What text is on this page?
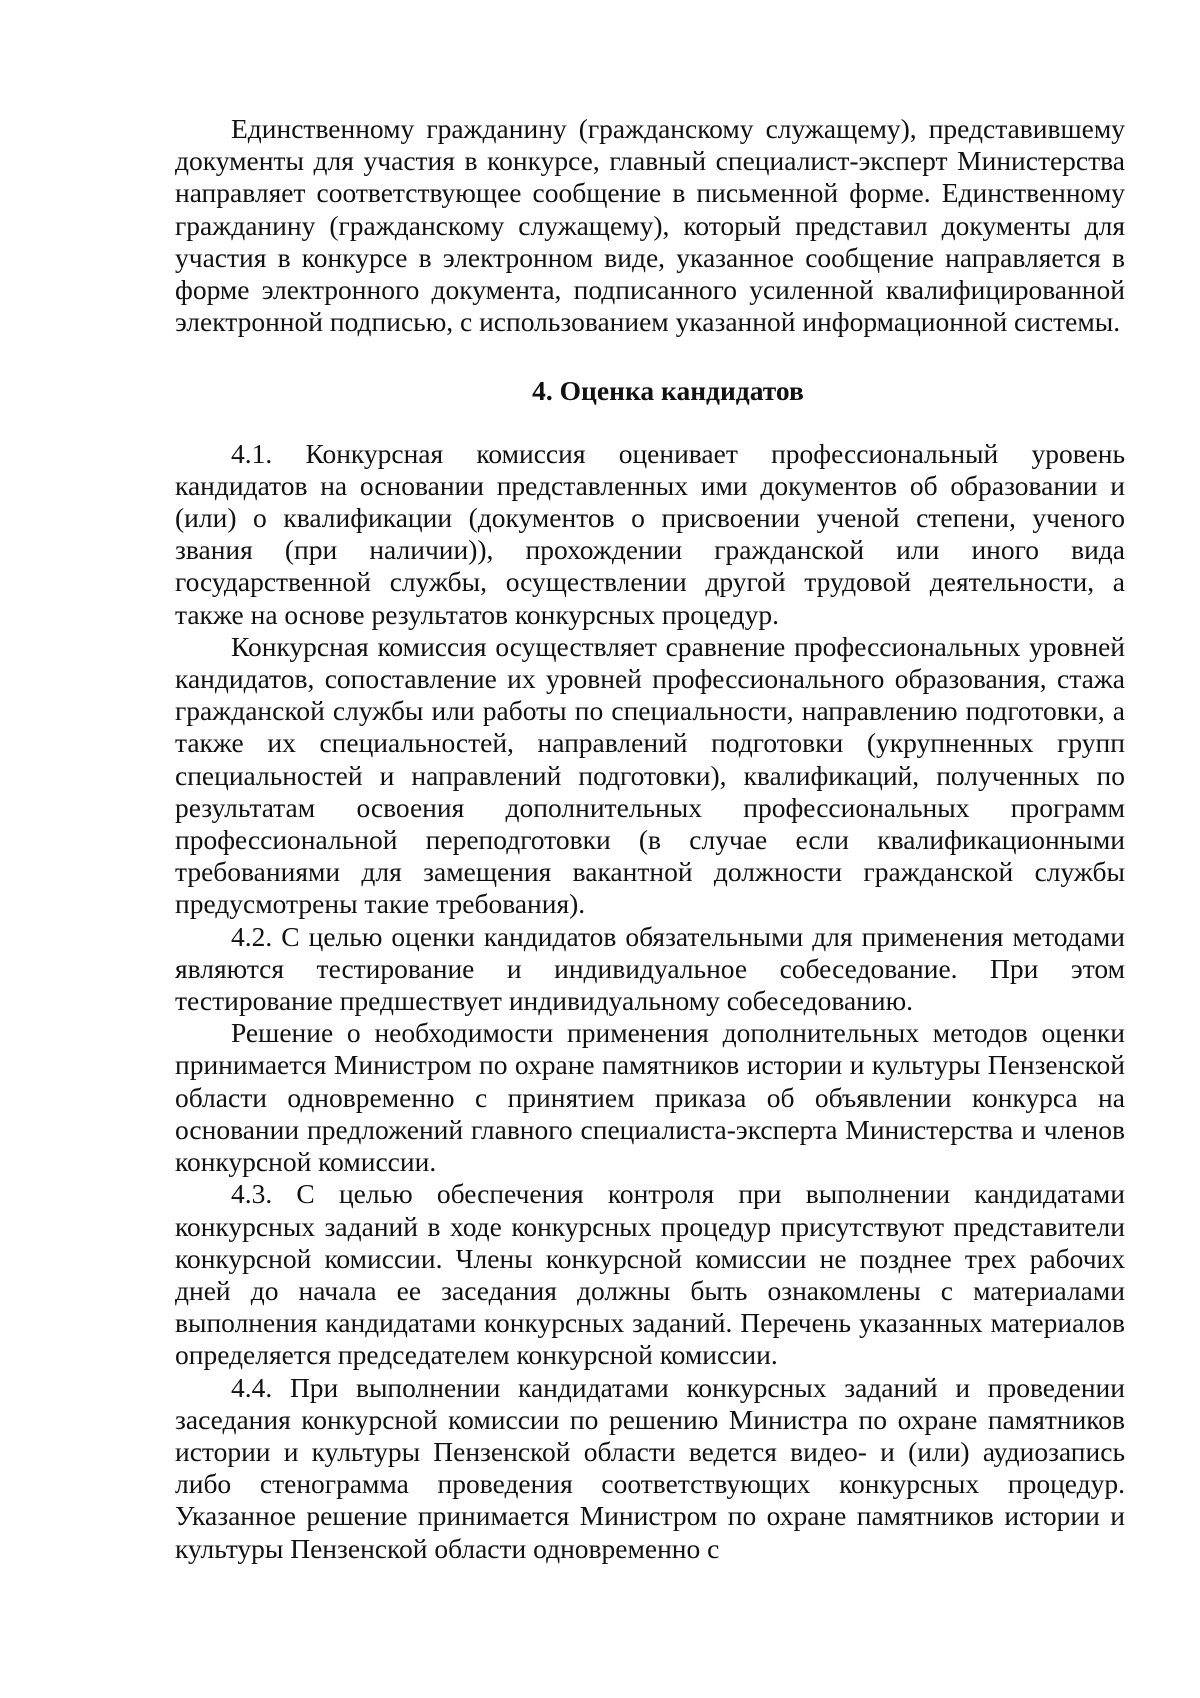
Единственному гражданину (гражданскому служащему), представившему документы для участия в конкурсе, главный специалист-эксперт Министерства направляет соответствующее сообщение в письменной форме. Единственному гражданину (гражданскому служащему), который представил документы для участия в конкурсе в электронном виде, указанное сообщение направляется в форме электронного документа, подписанного усиленной квалифицированной электронной подписью, с использованием указанной информационной системы.

4. Оценка кандидатов

4.1. Конкурсная комиссия оценивает профессиональный уровень кандидатов на основании представленных ими документов об образовании и (или) о квалификации (документов о присвоении ученой степени, ученого звания (при наличии)), прохождении гражданской или иного вида государственной службы, осуществлении другой трудовой деятельности, а также на основе результатов конкурсных процедур.

Конкурсная комиссия осуществляет сравнение профессиональных уровней кандидатов, сопоставление их уровней профессионального образования, стажа гражданской службы или работы по специальности, направлению подготовки, а также их специальностей, направлений подготовки (укрупненных групп специальностей и направлений подготовки), квалификаций, полученных по результатам освоения дополнительных профессиональных программ профессиональной переподготовки (в случае если квалификационными требованиями для замещения вакантной должности гражданской службы предусмотрены такие требования).

4.2. С целью оценки кандидатов обязательными для применения методами являются тестирование и индивидуальное собеседование. При этом тестирование предшествует индивидуальному собеседованию.

Решение о необходимости применения дополнительных методов оценки принимается Министром по охране памятников истории и культуры Пензенской области одновременно с принятием приказа об объявлении конкурса на основании предложений главного специалиста-эксперта Министерства и членов конкурсной комиссии.

4.3. С целью обеспечения контроля при выполнении кандидатами конкурсных заданий в ходе конкурсных процедур присутствуют представители конкурсной комиссии. Члены конкурсной комиссии не позднее трех рабочих дней до начала ее заседания должны быть ознакомлены с материалами выполнения кандидатами конкурсных заданий. Перечень указанных материалов определяется председателем конкурсной комиссии.

4.4. При выполнении кандидатами конкурсных заданий и проведении заседания конкурсной комиссии по решению Министра по охране памятников истории и культуры Пензенской области ведется видео- и (или) аудиозапись либо стенограмма проведения соответствующих конкурсных процедур. Указанное решение принимается Министром по охране памятников истории и культуры Пензенской области одновременно с
